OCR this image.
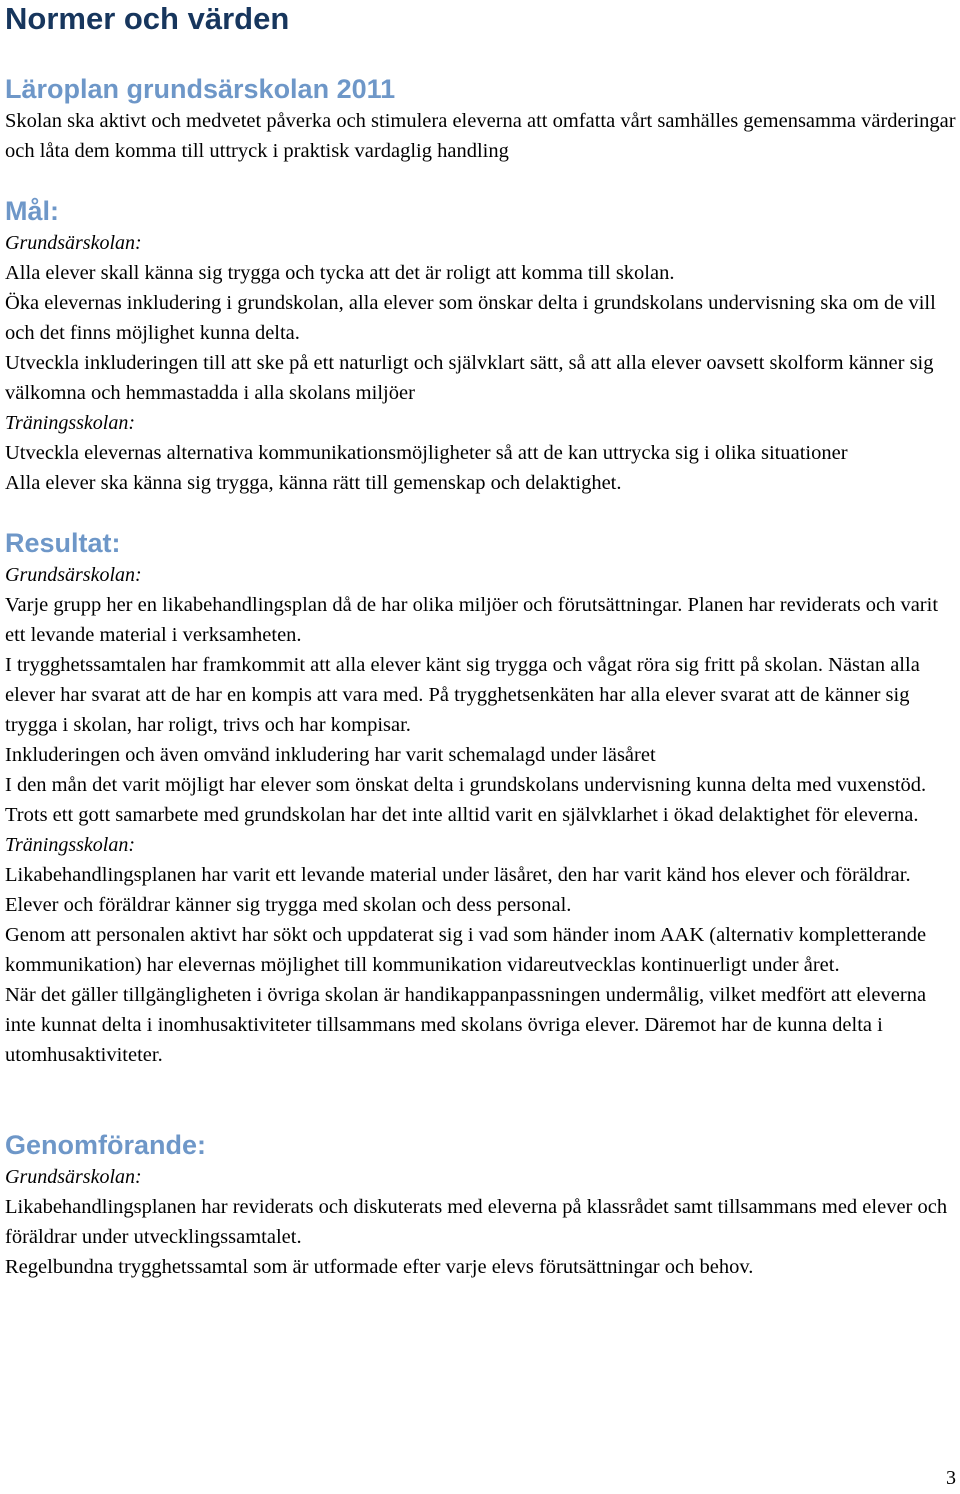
Normer och värden
Läroplan grundsärskolan 2011

Skolan ska aktivt och medvetet påverka och stimulera eleverna att omfatta vårt samhälles gemensamma värderingar och låta dem komma till uttryck i praktisk vardaglig handling

Mål:

Grundsärskolan:

Alla elever skall känna sig trygga och tycka att det är roligt att komma till skolan.

Öka elevernas inkludering i grundskolan, alla elever som önskar delta i grundskolans undervisning ska om de vill och det finns möjlighet kunna delta.

Utveckla inkluderingen till att ske på ett naturligt och självklart sätt, så att alla elever oavsett skolform känner sig välkomna och hemmastadda i alla skolans miljöer

Träningsskolan:

Utveckla elevernas alternativa kommunikationsmöjligheter så att de kan uttrycka sig i olika situationer

Alla elever ska känna sig trygga, känna rätt till gemenskap och delaktighet.

Resultat:

Grundsärskolan:

Varje grupp her en likabehandlingsplan då de har olika miljöer och förutsättningar. Planen har reviderats och varit ett levande material i verksamheten.

I trygghetssamtalen har framkommit att alla elever känt sig trygga och vågat röra sig fritt på skolan. Nästan alla elever har svarat att de har en kompis att vara med. På trygghetsenkäten har alla elever svarat att de känner sig trygga i skolan, har roligt, trivs och har kompisar.

Inkluderingen och även omvänd inkludering har varit schemalagd under läsåret

I den mån det varit möjligt har elever som önskat delta i grundskolans undervisning kunna delta med vuxenstöd.

Trots ett gott samarbete med grundskolan har det inte alltid varit en självklarhet i ökad delaktighet för eleverna.

Träningsskolan:

Likabehandlingsplanen har varit ett levande material under läsåret, den har varit känd hos elever och föräldrar.

Elever och föräldrar känner sig trygga med skolan och dess personal.

Genom att personalen aktivt har sökt och uppdaterat sig i vad som händer inom AAK (alternativ kompletterande kommunikation) har elevernas möjlighet till kommunikation vidareutvecklas kontinuerligt under året.

När det gäller tillgängligheten i övriga skolan är handikappanpassningen undermålig, vilket medfört att eleverna inte kunnat delta i inomhusaktiviteter tillsammans med skolans övriga elever. Däremot har de kunna delta i utomhusaktiviteter.

Genomförande:

Grundsärskolan:

Likabehandlingsplanen har reviderats och diskuterats med eleverna på klassrådet samt tillsammans med elever och föräldrar under utvecklingssamtalet.

Regelbundna trygghetssamtal som är utformade efter varje elevs förutsättningar och behov.

3
